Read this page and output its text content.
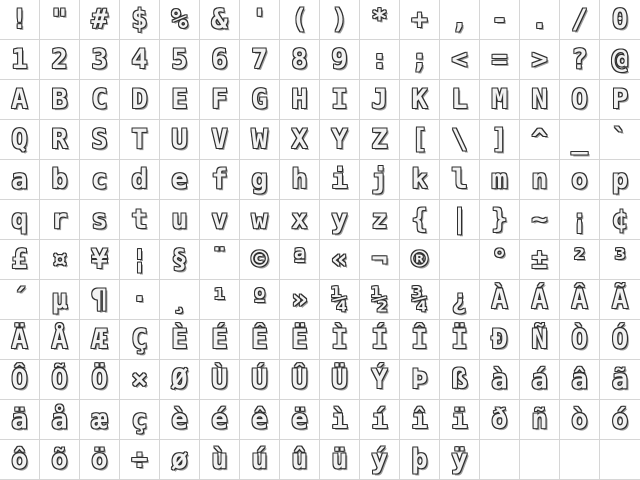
! " # $ % & ' ( ) * + , - . / 0
1 2 3 4 5 6 7 8 9 : ; < = > ? @
A B C D E F G H I J K L M N O P
Q R S T U V W X Y Z [ \ ] ^ _ `
a b c d e f g h i j k l m n o p
q r s t u v w x y z { | } ~ ¡ ¢
£ ¤ ¥ ¦ § ¨ © ª « ¬ ® ° ± ² ³
´ µ ¶ · ¸ ¹ º » ¼ ½ ¾ ¿ À Á Â Ã
Ä Å Æ Ç È É Ê Ë Ì Í Î Ï Ð Ñ Ò Ó
Ô Õ Ö × Ø Ù Ú Û Ü Ý Þ ß à á â ã
ä å æ ç è é ê ë ì í î ï ð ñ ò ó
ô õ ö ÷ ø ù ú û ü ý þ ÿ
